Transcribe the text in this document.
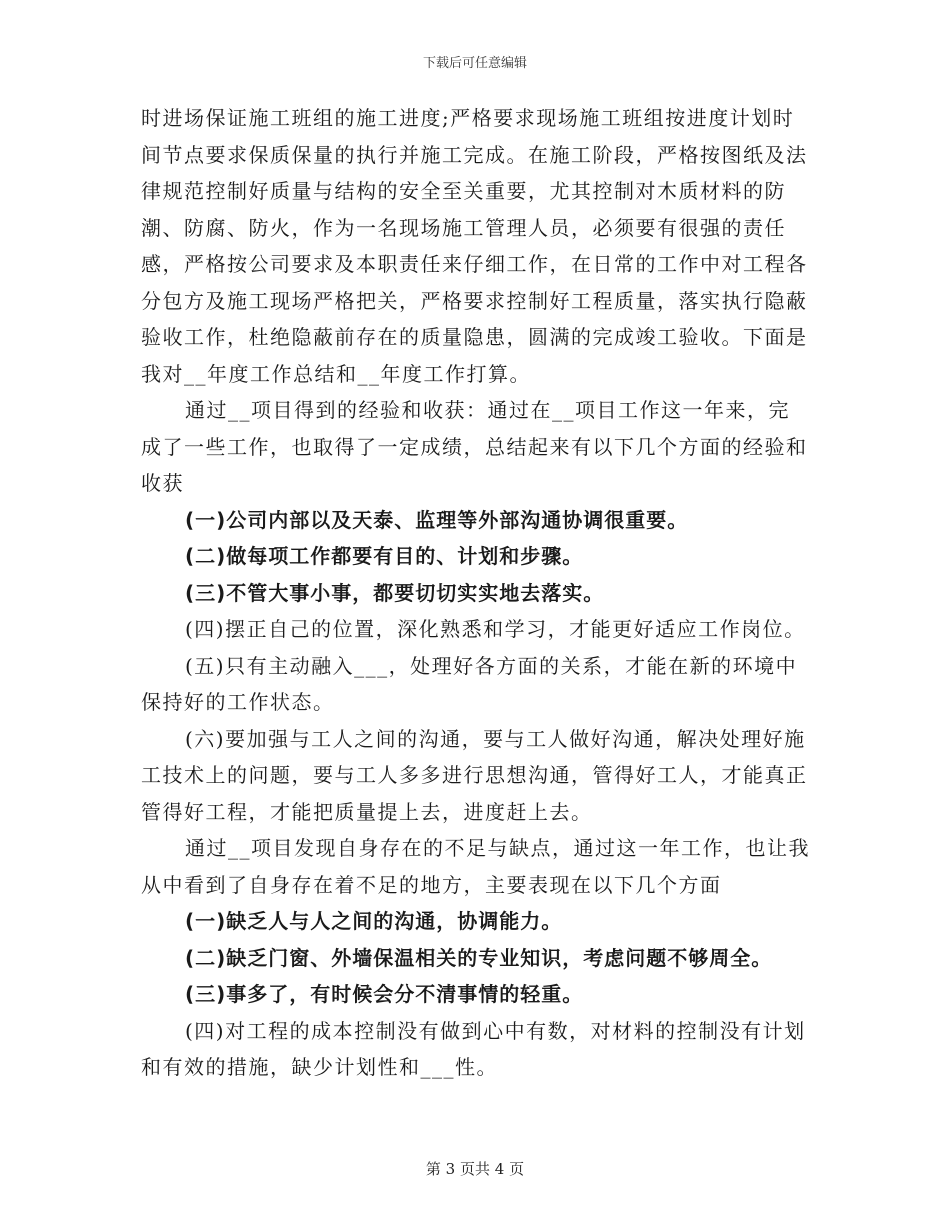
下载后可任意编辑

时进场保证施工班组的施工进度;严格要求现场施工班组按进度计划时间节点要求保质保量的执行并施工完成。在施工阶段，严格按图纸及法律规范控制好质量与结构的安全至关重要，尤其控制对木质材料的防潮、防腐、防火，作为一名现场施工管理人员，必须要有很强的责任感，严格按公司要求及本职责任来仔细工作，在日常的工作中对工程各分包方及施工现场严格把关，严格要求控制好工程质量，落实执行隐蔽验收工作，杜绝隐蔽前存在的质量隐患，圆满的完成竣工验收。下面是我对__年度工作总结和__年度工作打算。

通过__项目得到的经验和收获：通过在__项目工作这一年来，完成了一些工作，也取得了一定成绩，总结起来有以下几个方面的经验和收获

(一)公司内部以及天泰、监理等外部沟通协调很重要。

(二)做每项工作都要有目的、计划和步骤。

(三)不管大事小事，都要切切实实地去落实。

(四)摆正自己的位置，深化熟悉和学习，才能更好适应工作岗位。

(五)只有主动融入___，处理好各方面的关系，才能在新的环境中保持好的工作状态。

(六)要加强与工人之间的沟通，要与工人做好沟通，解决处理好施工技术上的问题，要与工人多多进行思想沟通，管得好工人，才能真正管得好工程，才能把质量提上去，进度赶上去。

通过__项目发现自身存在的不足与缺点，通过这一年工作，也让我从中看到了自身存在着不足的地方，主要表现在以下几个方面

(一)缺乏人与人之间的沟通，协调能力。

(二)缺乏门窗、外墙保温相关的专业知识，考虑问题不够周全。

(三)事多了，有时候会分不清事情的轻重。

(四)对工程的成本控制没有做到心中有数，对材料的控制没有计划和有效的措施，缺少计划性和___性。

第 3 页共 4 页
